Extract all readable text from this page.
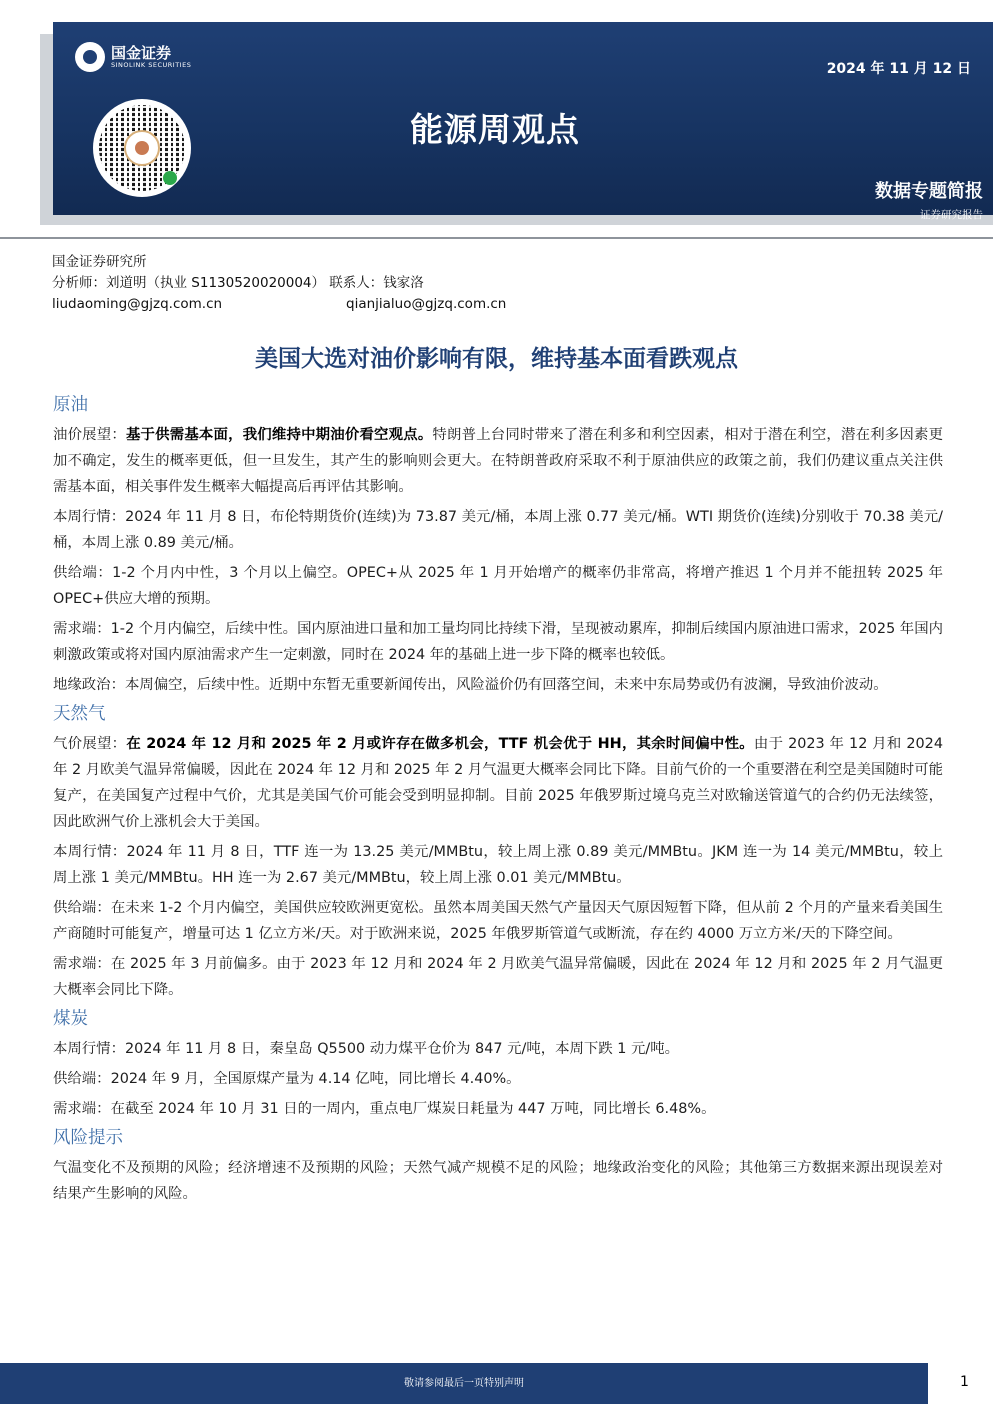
国金证券
SINOLINK SECURITIES	2024 年 11 月 12 日
能源周观点
数据专题简报
证券研究报告
国金证券研究所
分析师：刘道明（执业 S1130520020004） 联系人：钱家洛
liudaoming@gjzq.com.cn	qianjialuo@gjzq.com.cn
美国大选对油价影响有限，维持基本面看跌观点
原油

油价展望：基于供需基本面，我们维持中期油价看空观点。特朗普上台同时带来了潜在利多和利空因素，相对于潜在利空，潜在利多因素更加不确定，发生的概率更低，但一旦发生，其产生的影响则会更大。在特朗普政府采取不利于原油供应的政策之前，我们仍建议重点关注供需基本面，相关事件发生概率大幅提高后再评估其影响。

本周行情：2024 年 11 月 8 日，布伦特期货价(连续)为 73.87 美元/桶，本周上涨 0.77 美元/桶。WTI 期货价(连续)分别收于 70.38 美元/桶，本周上涨 0.89 美元/桶。

供给端：1-2 个月内中性，3 个月以上偏空。OPEC+从 2025 年 1 月开始增产的概率仍非常高，将增产推迟 1 个月并不能扭转 2025 年 OPEC+供应大增的预期。

需求端：1-2 个月内偏空，后续中性。国内原油进口量和加工量均同比持续下滑，呈现被动累库，抑制后续国内原油进口需求，2025 年国内刺激政策或将对国内原油需求产生一定刺激，同时在 2024 年的基础上进一步下降的概率也较低。

地缘政治：本周偏空，后续中性。近期中东暂无重要新闻传出，风险溢价仍有回落空间，未来中东局势或仍有波澜，导致油价波动。

天然气

气价展望：在 2024 年 12 月和 2025 年 2 月或许存在做多机会，TTF 机会优于 HH，其余时间偏中性。由于 2023 年 12 月和 2024 年 2 月欧美气温异常偏暖，因此在 2024 年 12 月和 2025 年 2 月气温更大概率会同比下降。目前气价的一个重要潜在利空是美国随时可能复产，在美国复产过程中气价，尤其是美国气价可能会受到明显抑制。目前 2025 年俄罗斯过境乌克兰对欧输送管道气的合约仍无法续签，因此欧洲气价上涨机会大于美国。

本周行情：2024 年 11 月 8 日，TTF 连一为 13.25 美元/MMBtu，较上周上涨 0.89 美元/MMBtu。JKM 连一为 14 美元/MMBtu，较上周上涨 1 美元/MMBtu。HH 连一为 2.67 美元/MMBtu，较上周上涨 0.01 美元/MMBtu。

供给端：在未来 1-2 个月内偏空，美国供应较欧洲更宽松。虽然本周美国天然气产量因天气原因短暂下降，但从前 2 个月的产量来看美国生产商随时可能复产，增量可达 1 亿立方米/天。对于欧洲来说，2025 年俄罗斯管道气或断流，存在约 4000 万立方米/天的下降空间。

需求端：在 2025 年 3 月前偏多。由于 2023 年 12 月和 2024 年 2 月欧美气温异常偏暖，因此在 2024 年 12 月和 2025 年 2 月气温更大概率会同比下降。

煤炭

本周行情：2024 年 11 月 8 日，秦皇岛 Q5500 动力煤平仓价为 847 元/吨，本周下跌 1 元/吨。

供给端：2024 年 9 月，全国原煤产量为 4.14 亿吨，同比增长 4.40%。

需求端：在截至 2024 年 10 月 31 日的一周内，重点电厂煤炭日耗量为 447 万吨，同比增长 6.48%。

风险提示

气温变化不及预期的风险；经济增速不及预期的风险；天然气减产规模不足的风险；地缘政治变化的风险；其他第三方数据来源出现误差对结果产生影响的风险。

敬请参阅最后一页特别声明	1
